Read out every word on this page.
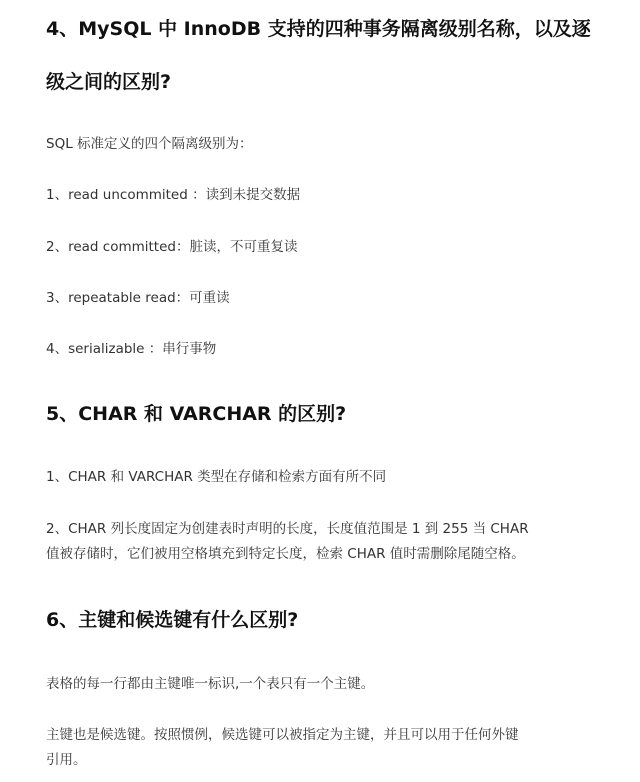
4、MySQL 中 InnoDB 支持的四种事务隔离级别名称，以及逐
级之间的区别?

SQL 标准定义的四个隔离级别为：

1、read uncommited ：读到未提交数据

2、read committed：脏读，不可重复读

3、repeatable read：可重读

4、serializable ：串行事物

5、CHAR 和 VARCHAR 的区别?

1、CHAR 和 VARCHAR 类型在存储和检索方面有所不同

2、CHAR 列长度固定为创建表时声明的长度，长度值范围是 1 到 255 当 CHAR

值被存储时，它们被用空格填充到特定长度，检索 CHAR 值时需删除尾随空格。

6、主键和候选键有什么区别?

表格的每一行都由主键唯一标识,一个表只有一个主键。

主键也是候选键。按照惯例，候选键可以被指定为主键，并且可以用于任何外键

引用。
